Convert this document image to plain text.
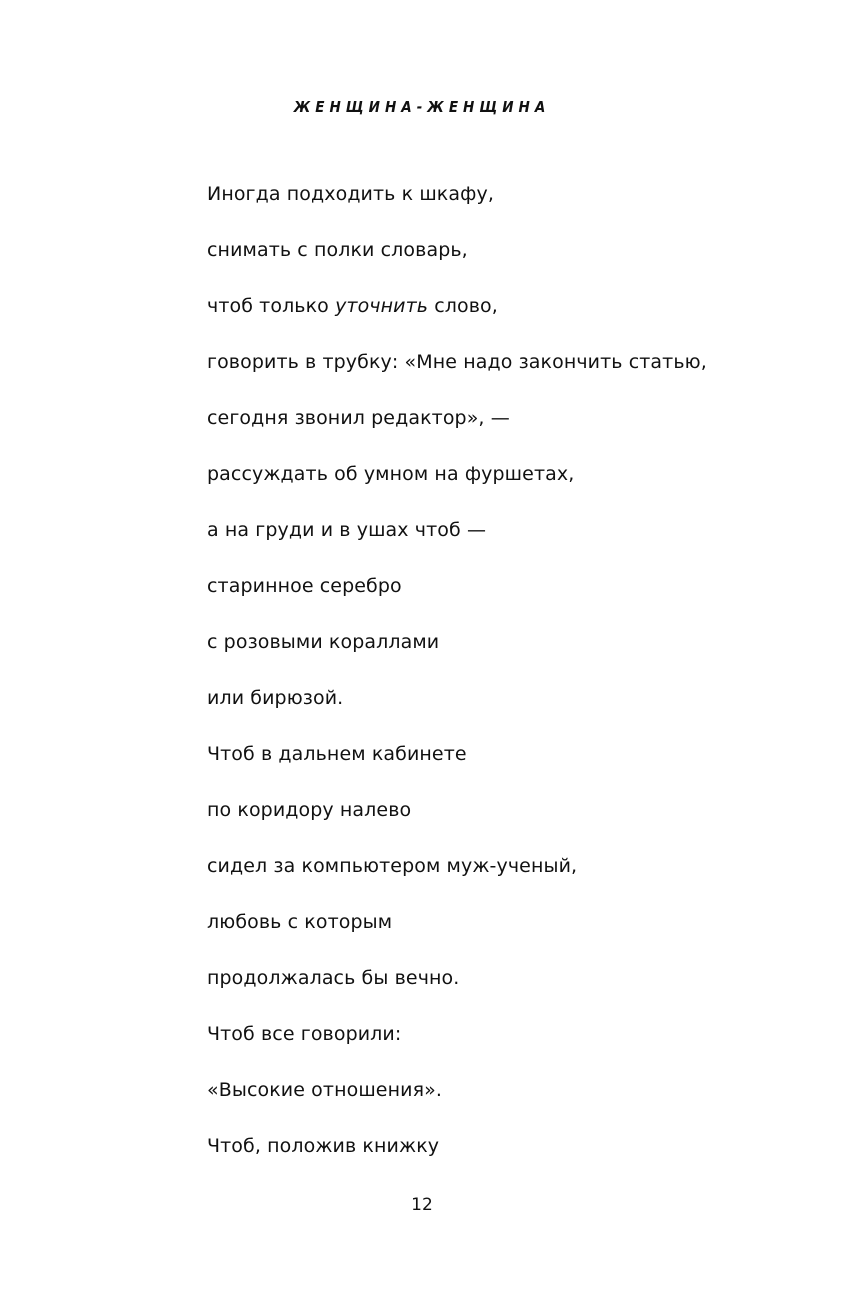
ЖЕНЩИНА-ЖЕНЩИНА
Иногда подходить к шкафу,
снимать с полки словарь,
чтоб только уточнить слово,
говорить в трубку: «Мне надо закончить статью,
сегодня звонил редактор», —
рассуждать об умном на фуршетах,
а на груди и в ушах чтоб —
старинное серебро
с розовыми кораллами
или бирюзой.
Чтоб в дальнем кабинете
по коридору налево
сидел за компьютером муж-ученый,
любовь с которым
продолжалась бы вечно.
Чтоб все говорили:
«Высокие отношения».
Чтоб, положив книжку
12
